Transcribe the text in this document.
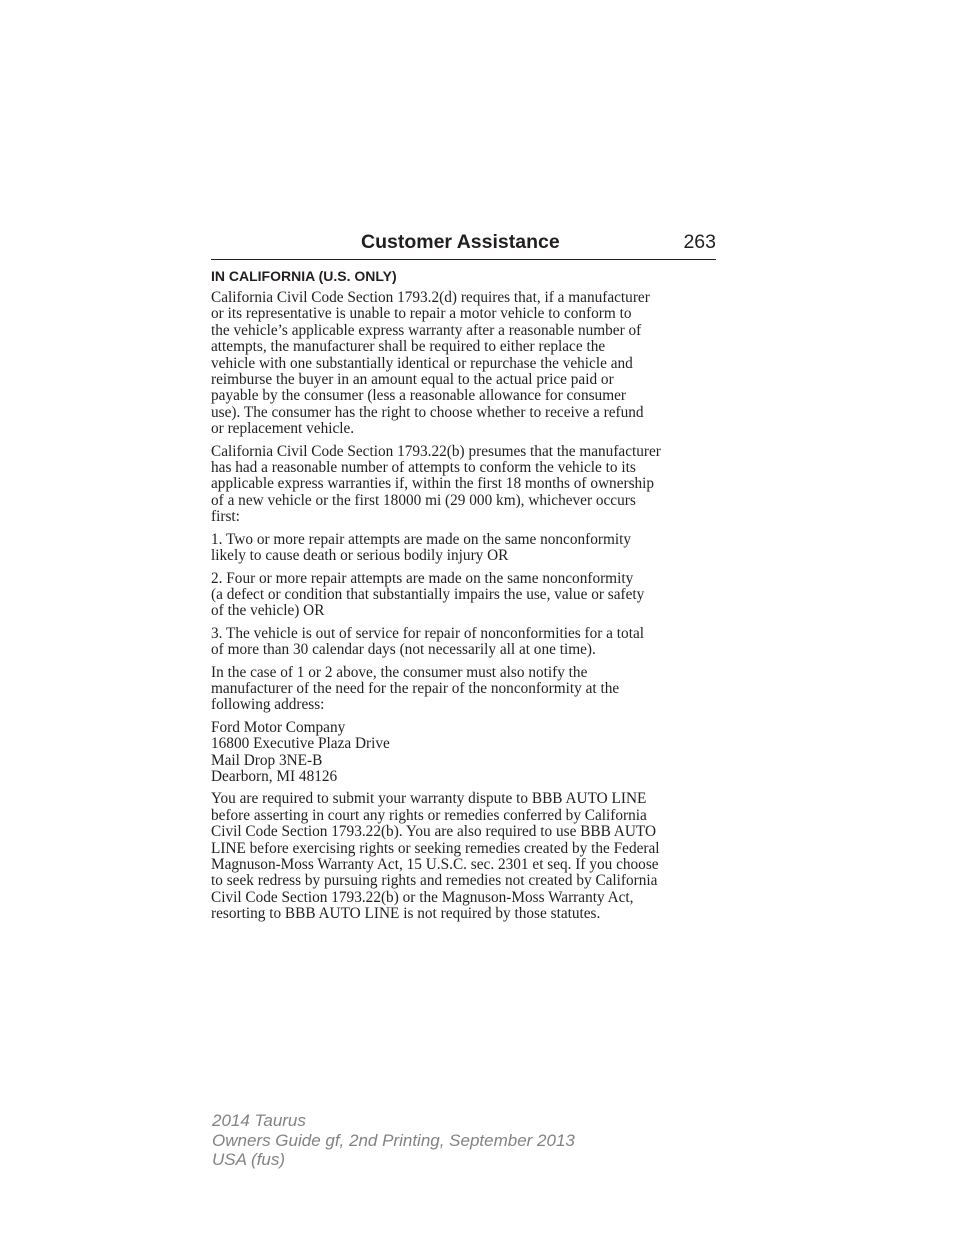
Customer Assistance	263
IN CALIFORNIA (U.S. ONLY)
California Civil Code Section 1793.2(d) requires that, if a manufacturer
or its representative is unable to repair a motor vehicle to conform to
the vehicle’s applicable express warranty after a reasonable number of
attempts, the manufacturer shall be required to either replace the
vehicle with one substantially identical or repurchase the vehicle and
reimburse the buyer in an amount equal to the actual price paid or
payable by the consumer (less a reasonable allowance for consumer
use). The consumer has the right to choose whether to receive a refund
or replacement vehicle.
California Civil Code Section 1793.22(b) presumes that the manufacturer
has had a reasonable number of attempts to conform the vehicle to its
applicable express warranties if, within the first 18 months of ownership
of a new vehicle or the first 18000 mi (29 000 km), whichever occurs
first:
1. Two or more repair attempts are made on the same nonconformity
likely to cause death or serious bodily injury OR
2. Four or more repair attempts are made on the same nonconformity
(a defect or condition that substantially impairs the use, value or safety
of the vehicle) OR
3. The vehicle is out of service for repair of nonconformities for a total
of more than 30 calendar days (not necessarily all at one time).
In the case of 1 or 2 above, the consumer must also notify the
manufacturer of the need for the repair of the nonconformity at the
following address:
Ford Motor Company
16800 Executive Plaza Drive
Mail Drop 3NE-B
Dearborn, MI 48126
You are required to submit your warranty dispute to BBB AUTO LINE
before asserting in court any rights or remedies conferred by California
Civil Code Section 1793.22(b). You are also required to use BBB AUTO
LINE before exercising rights or seeking remedies created by the Federal
Magnuson-Moss Warranty Act, 15 U.S.C. sec. 2301 et seq. If you choose
to seek redress by pursuing rights and remedies not created by California
Civil Code Section 1793.22(b) or the Magnuson-Moss Warranty Act,
resorting to BBB AUTO LINE is not required by those statutes.
2014 Taurus
Owners Guide gf, 2nd Printing, September 2013
USA (fus)
